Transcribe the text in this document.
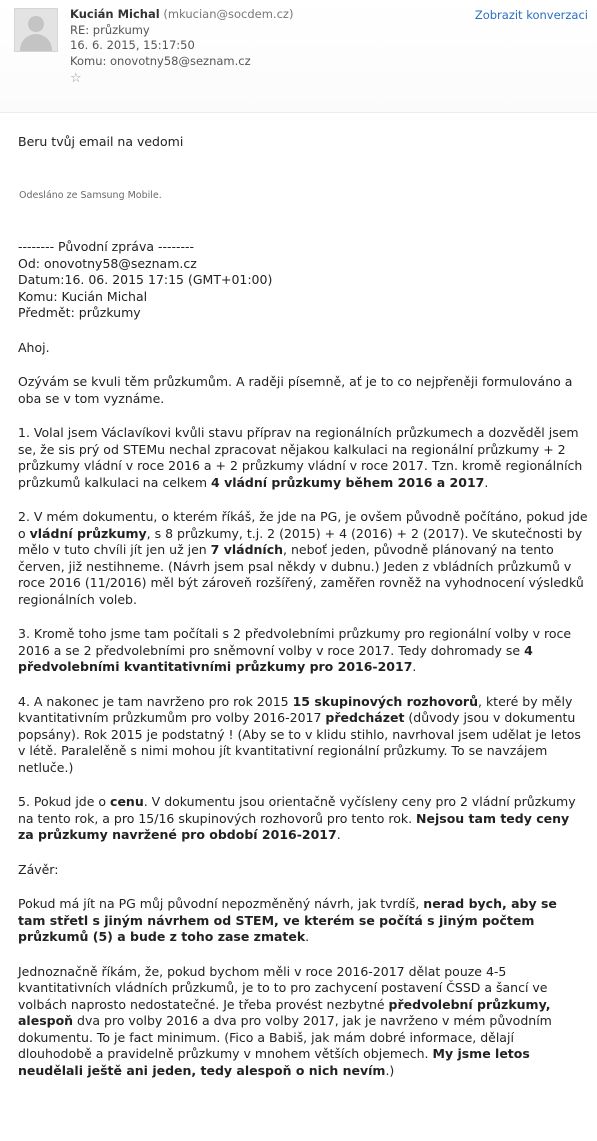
Kucián Michal (mkucian@socdem.cz)
RE: průzkumy
16. 6. 2015, 15:17:50
Komu: onovotny58@seznam.cz
☆
Zobrazit konverzaci

Beru tvůj email na vedomi

Odesláno ze Samsung Mobile.

-------- Původní zpráva --------

Od: onovotny58@seznam.cz

Datum:16. 06. 2015 17:15 (GMT+01:00)

Komu: Kucián Michal

Předmět: průzkumy

Ahoj.

Ozývám se kvuli těm průzkumům. A raději písemně, ať je to co nejpřeněji formulováno a oba se v tom vyznáme.

1. Volal jsem Václavíkovi kvůli stavu příprav na regionálních průzkumech a dozvěděl jsem se, že sis prý od STEMu nechal zpracovat nějakou kalkulaci na regionální průzkumy + 2 průzkumy vládní v roce 2016 a + 2 průzkumy vládní v roce 2017. Tzn. kromě regionálních průzkumů kalkulaci na celkem 4 vládní průzkumy během 2016 a 2017.

2. V mém dokumentu, o kterém říkáš, že jde na PG, je ovšem původně počítáno, pokud jde o vládní průzkumy, s 8 průzkumy, t.j. 2 (2015) + 4 (2016) + 2 (2017). Ve skutečnosti by mělo v tuto chvíli jít jen už jen 7 vládních, neboť jeden, původně plánovaný na tento červen, již nestihneme. (Návrh jsem psal někdy v dubnu.) Jeden z vbládních průzkumů v roce 2016 (11/2016) měl být zároveň rozšířený, zaměřen rovněž na vyhodnocení výsledků regionálních voleb.

3. Kromě toho jsme tam počítali s 2 předvolebními průzkumy pro regionální volby v roce 2016 a se 2 předvolebními pro sněmovní volby v roce 2017. Tedy dohromady se 4 předvolebními kvantitativními průzkumy pro 2016-2017.

4. A nakonec je tam navrženo pro rok 2015 15 skupinových rozhovorů, které by měly kvantitativním průzkumům pro volby 2016-2017 předcházet (důvody jsou v dokumentu popsány). Rok 2015 je podstatný ! (Aby se to v klidu stihlo, navrhoval jsem udělat je letos v létě. Paralelěně s nimi mohou jít kvantitativní regionální průzkumy. To se navzájem netluče.)

5. Pokud jde o cenu. V dokumentu jsou orientačně vyčísleny ceny pro 2 vládní průzkumy na tento rok, a pro 15/16 skupinových rozhovorů pro tento rok. Nejsou tam tedy ceny za průzkumy navržené pro období 2016-2017.

Závěr:

Pokud má jít na PG můj původní nepozměněný návrh, jak tvrdíš, nerad bych, aby se tam střetl s jiným návrhem od STEM, ve kterém se počítá s jiným počtem průzkumů (5) a bude z toho zase zmatek.

Jednoznačně říkám, že, pokud bychom měli v roce 2016-2017 dělat pouze 4-5 kvantitativních vládních průzkumů, je to to pro zachycení postavení ČSSD a šancí ve volbách naprosto nedostatečné. Je třeba provést nezbytné předvolební průzkumy, alespoň dva pro volby 2016 a dva pro volby 2017, jak je navrženo v mém původním dokumentu. To je fact minimum. (Fico a Babiš, jak mám dobré informace, dělají dlouhodobě a pravidelně průzkumy v mnohem větších objemech. My jsme letos neudělali ještě ani jeden, tedy alespoň o nich nevím.)
